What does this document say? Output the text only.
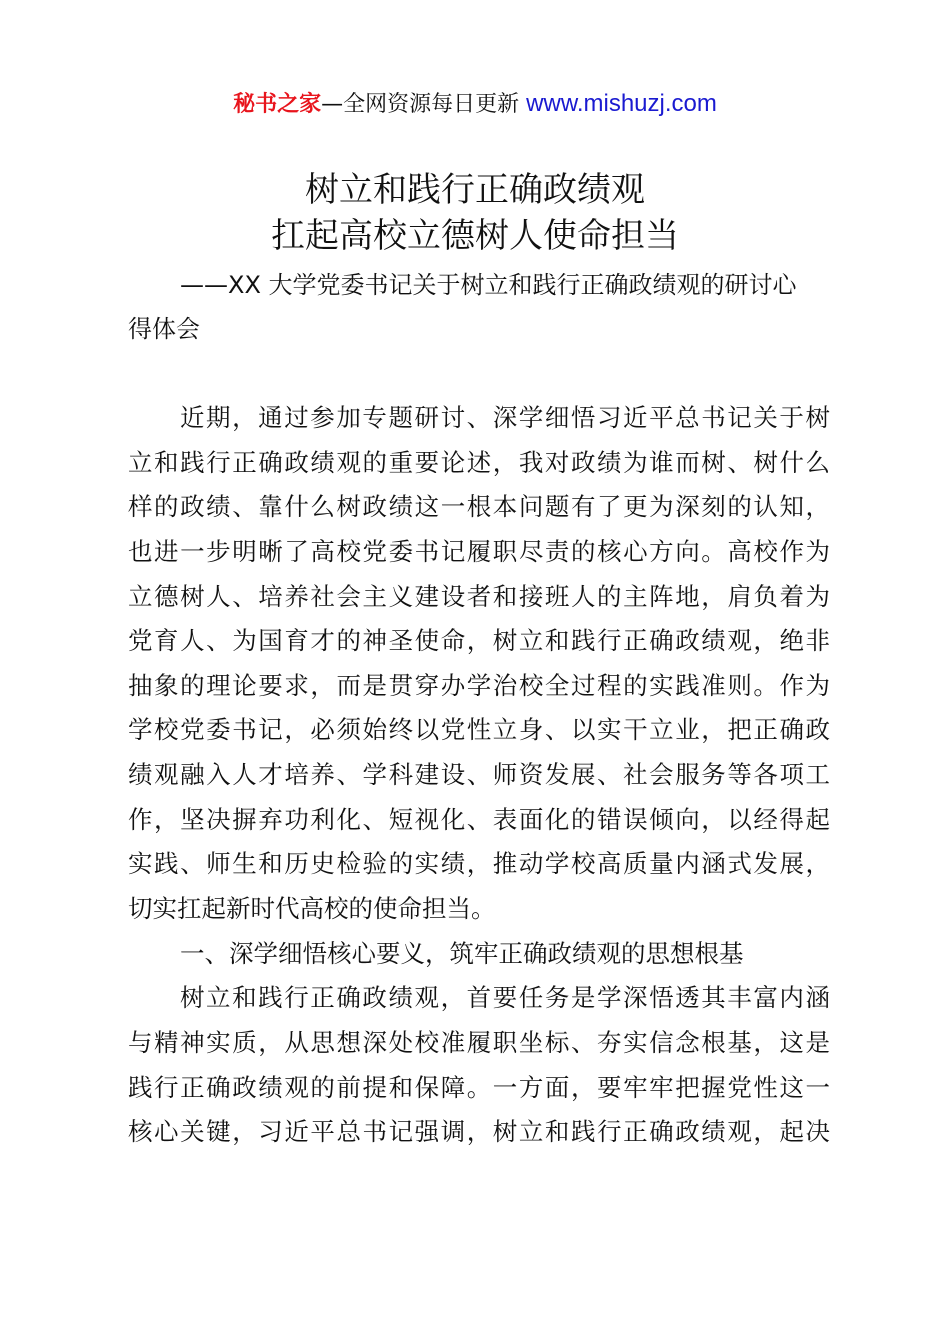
秘书之家—全网资源每日更新 www.mishuzj.com
树立和践行正确政绩观
扛起高校立德树人使命担当
——XX 大学党委书记关于树立和践行正确政绩观的研讨心
得体会
近期，通过参加专题研讨、深学细悟习近平总书记关于树
立和践行正确政绩观的重要论述，我对政绩为谁而树、树什么
样的政绩、靠什么树政绩这一根本问题有了更为深刻的认知，
也进一步明晰了高校党委书记履职尽责的核心方向。高校作为
立德树人、培养社会主义建设者和接班人的主阵地，肩负着为
党育人、为国育才的神圣使命，树立和践行正确政绩观，绝非
抽象的理论要求，而是贯穿办学治校全过程的实践准则。作为
学校党委书记，必须始终以党性立身、以实干立业，把正确政
绩观融入人才培养、学科建设、师资发展、社会服务等各项工
作，坚决摒弃功利化、短视化、表面化的错误倾向，以经得起
实践、师生和历史检验的实绩，推动学校高质量内涵式发展，
切实扛起新时代高校的使命担当。
一、深学细悟核心要义，筑牢正确政绩观的思想根基
树立和践行正确政绩观，首要任务是学深悟透其丰富内涵
与精神实质，从思想深处校准履职坐标、夯实信念根基，这是
践行正确政绩观的前提和保障。一方面，要牢牢把握党性这一
核心关键，习近平总书记强调，树立和践行正确政绩观，起决
